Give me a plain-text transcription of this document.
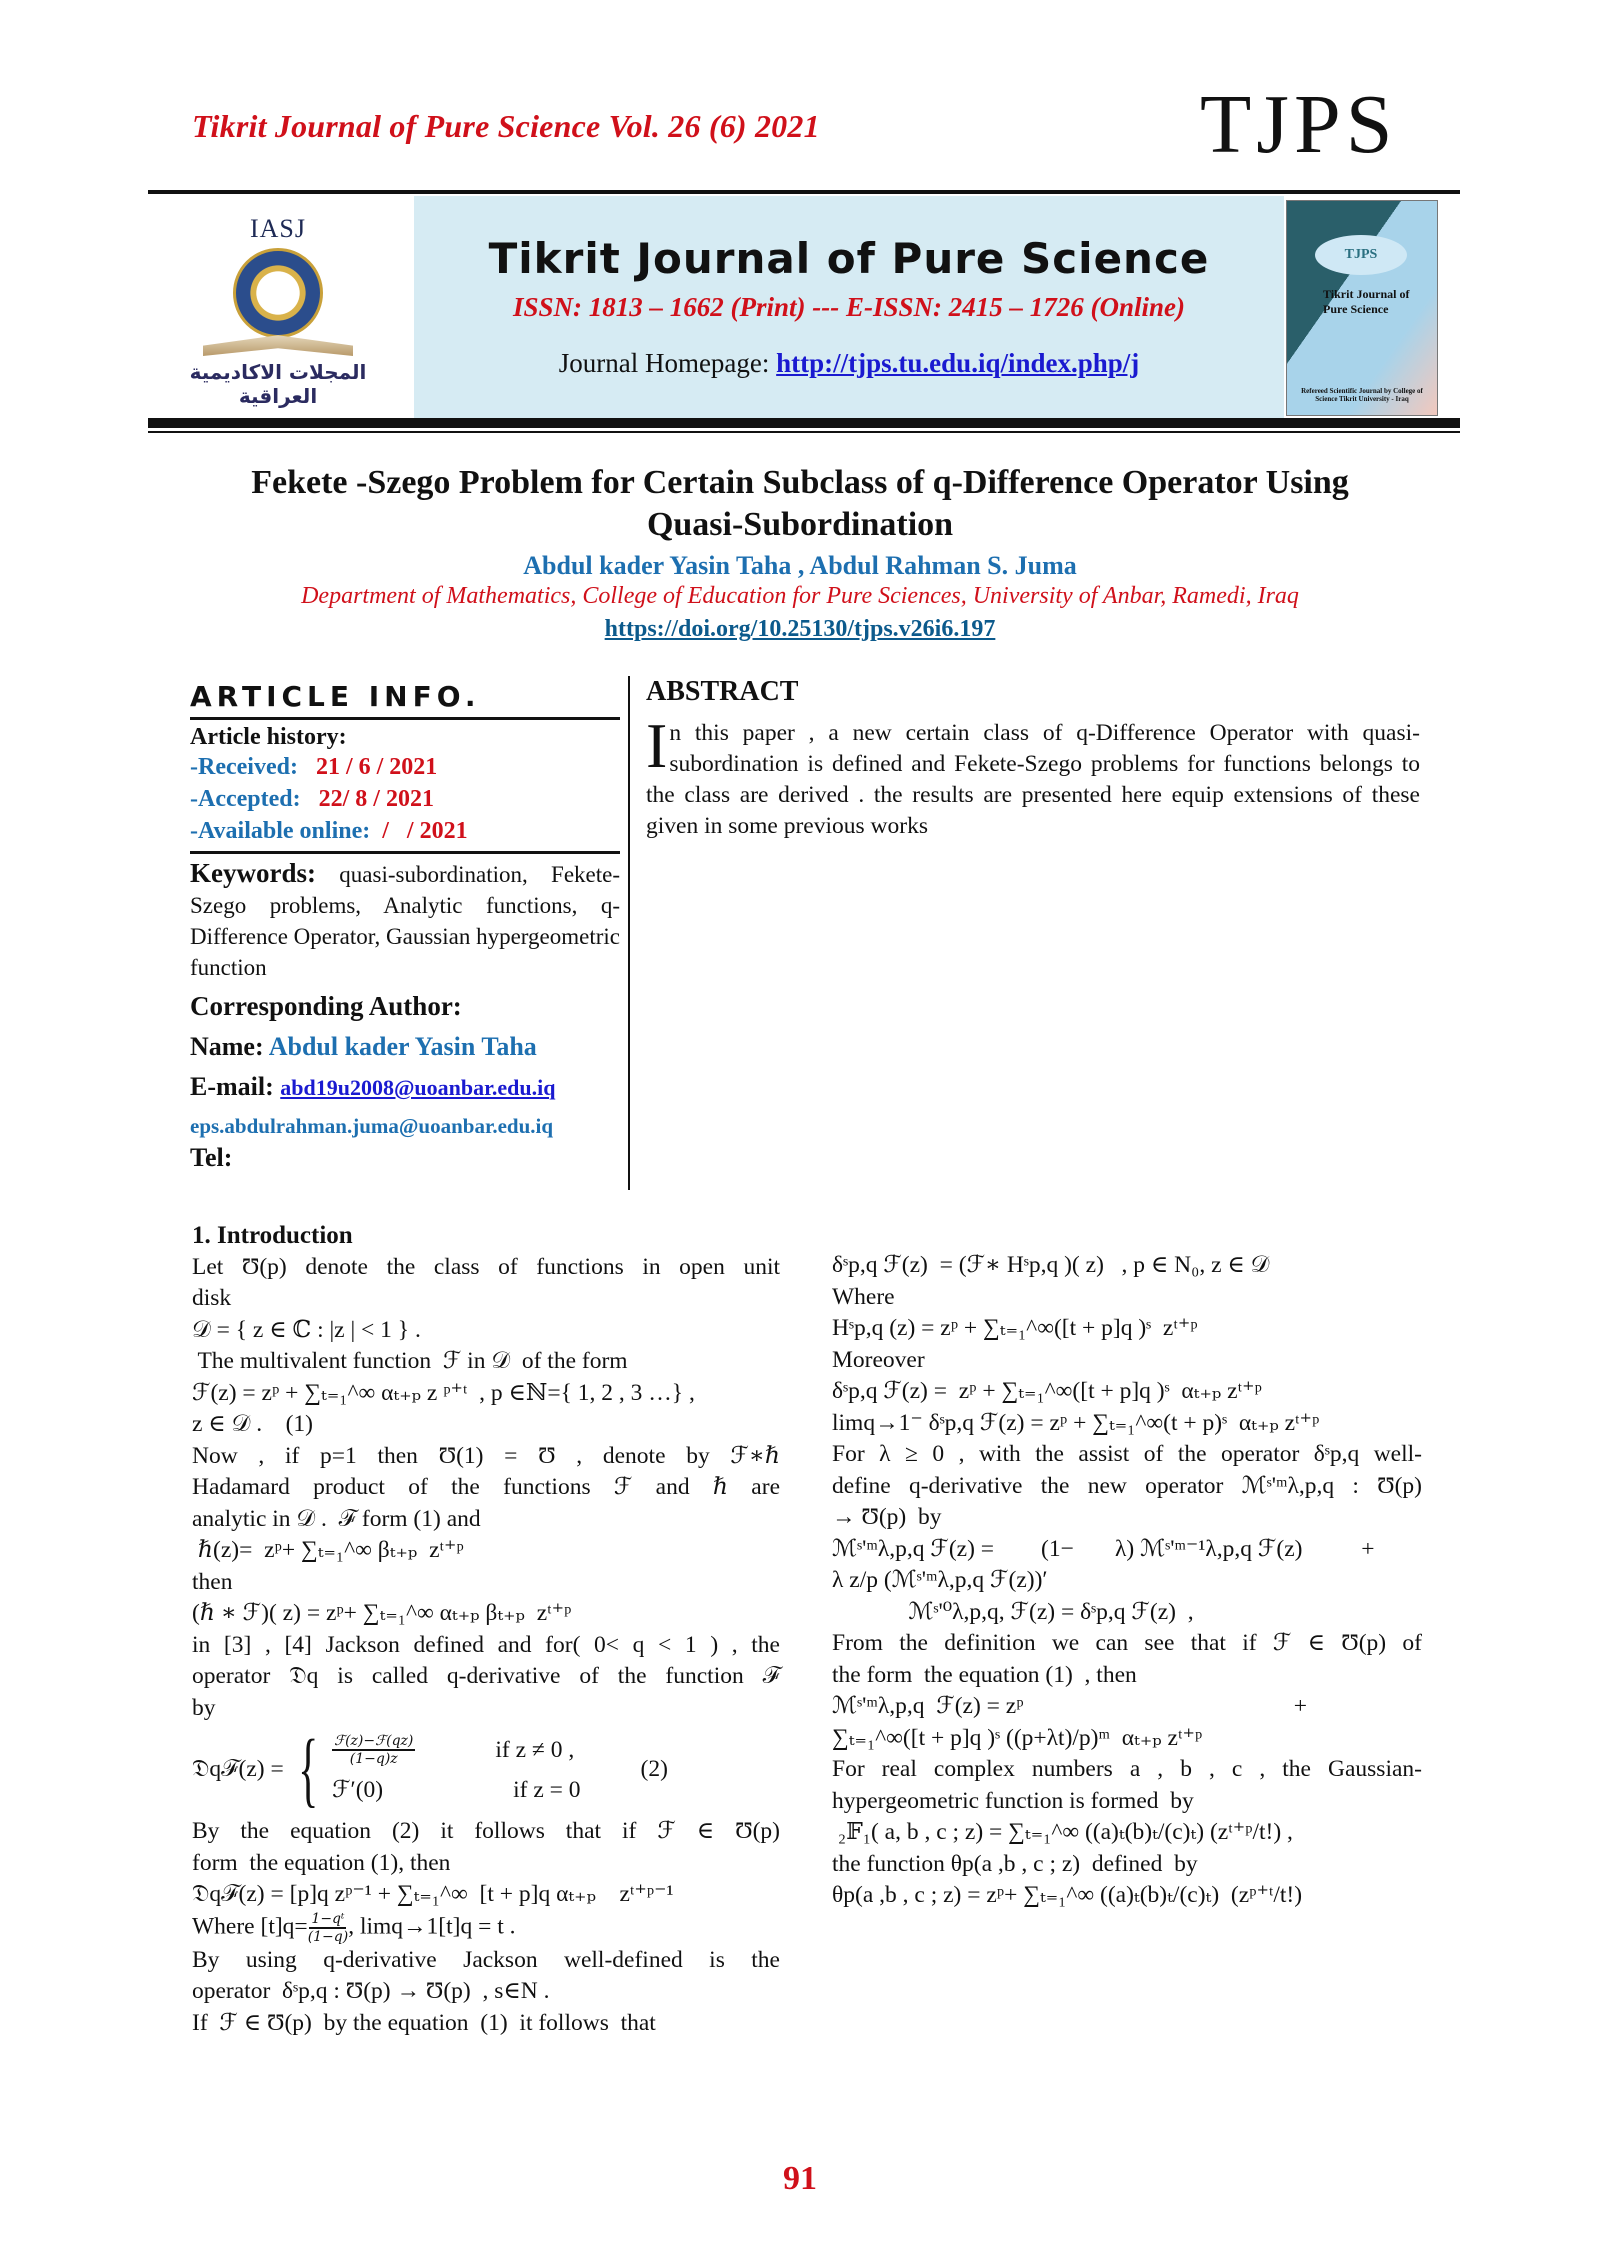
Tikrit Journal of Pure Science Vol. 26 (6) 2021	TJPS
IASJ
المجلات الاكاديمية العراقية
Tikrit Journal of Pure Science
ISSN: 1813 – 1662 (Print) --- E-ISSN: 2415 – 1726 (Online)
Journal Homepage: http://tjps.tu.edu.iq/index.php/j
TJPS
Tikrit Journal of Pure Science
Refereed Scientific Journal by College of Science Tikrit University - Iraq
Fekete -Szego Problem for Certain Subclass of q-Difference Operator Using
Quasi-Subordination
Abdul kader Yasin Taha , Abdul Rahman S. Juma
Department of Mathematics, College of Education for Pure Sciences, University of Anbar, Ramedi, Iraq
https://doi.org/10.25130/tjps.v26i6.197
ARTICLE INFO.
Article history:
-Received: 21 / 6 / 2021
-Accepted: 22/ 8 / 2021
-Available online: /   / 2021
Keywords: quasi-subordination, Fekete-Szego problems, Analytic functions, q-Difference Operator, Gaussian hypergeometric function
Corresponding Author:
Name: Abdul kader Yasin Taha
E-mail: abd19u2008@uoanbar.edu.iq
eps.abdulrahman.juma@uoanbar.edu.iq
Tel:
ABSTRACT
In this paper , a new certain class of q-Difference Operator with quasi-subordination is defined and Fekete-Szego problems for functions belongs to the class are derived . the results are presented here equip extensions of these given in some previous works
1. Introduction

Let Ʊ(p) denote the class of functions in open unit

disk

𝒟 = { z ∈ ℂ : |z | < 1 } .

The multivalent function  ℱ in 𝒟  of the form

ℱ(z) = zᵖ + ∑ₜ₌₁^∞ αₜ₊ₚ z ᵖ⁺ᵗ  , p ∈ℕ={ 1, 2 , 3 …} ,

z ∈ 𝒟 .    (1)

Now , if p=1 then Ʊ(1) = Ʊ , denote by ℱ∗ℏ

Hadamard product of the functions ℱ and ℏ are

analytic in 𝒟 .  ℱ form (1) and

ℏ(z)=  zᵖ+ ∑ₜ₌₁^∞ βₜ₊ₚ  zᵗ⁺ᵖ

then

(ℏ ∗ ℱ)( z) = zᵖ+ ∑ₜ₌₁^∞ αₜ₊ₚ βₜ₊ₚ  zᵗ⁺ᵖ

in [3] , [4] Jackson defined and for( 0< q < 1 ) , the

operator 𝔇q is called q-derivative of the function ℱ

by

𝔇qℱ(z) = { $\frac{\text{ℱ(z)−ℱ(qz)}}{(1-q)z}$	if z ≠ 0 ,
ℱ′(0)	if z = 0
(2)

By the equation (2) it follows that if ℱ ∈ Ʊ(p)

form  the equation (1), then

𝔇qℱ(z) = [p]q zᵖ⁻¹ + ∑ₜ₌₁^∞  [t + p]q αₜ₊ₚ    zᵗ⁺ᵖ⁻¹

Where $[t]q= \frac{\text{1−qᵗ}}{(1-q)}$ , limq→1[t]q = t .

By using q-derivative Jackson well-defined is the

operator  δˢp,q : Ʊ(p) → Ʊ(p)  , s∈N .

If  ℱ ∈ Ʊ(p)  by the equation  (1)  it follows  that

δˢp,q ℱ(z)  = (ℱ∗ Hˢp,q )( z)   , p ∈ N₀, z ∈ 𝒟

Where

Hˢp,q (z) = zᵖ + ∑ₜ₌₁^∞([t + p]q )ˢ  zᵗ⁺ᵖ

Moreover

δˢp,q ℱ(z) =  zᵖ + ∑ₜ₌₁^∞([t + p]q )ˢ  αₜ₊ₚ zᵗ⁺ᵖ

limq→1⁻ δˢp,q ℱ(z) = zᵖ + ∑ₜ₌₁^∞(t + p)ˢ  αₜ₊ₚ zᵗ⁺ᵖ

For λ ≥ 0 , with the assist of the operator δˢp,q well-

define q-derivative the new operator ℳˢ'ᵐλ,p,q : Ʊ(p)

→ Ʊ(p)  by

ℳˢ'ᵐλ,p,q ℱ(z) =        (1−       λ) ℳˢ'ᵐ⁻¹λ,p,q ℱ(z)          +

λ z/p (ℳˢ'ᵐλ,p,q ℱ(z))′

ℳˢ'⁰λ,p,q, ℱ(z) = δˢp,q ℱ(z)  ,

From the definition we can see that if ℱ ∈ Ʊ(p) of

the form  the equation (1)  , then

ℳˢ'ᵐλ,p,q  ℱ(z) = zᵖ                                              +

∑ₜ₌₁^∞([t + p]q )ˢ ((p+λt)/p)ᵐ  αₜ₊ₚ zᵗ⁺ᵖ

For real complex numbers a , b , c , the Gaussian-

hypergeometric function is formed  by

₂𝔽₁( a, b , c ; z) = ∑ₜ₌₁^∞ ((a)ₜ(b)ₜ/(c)ₜ) (zᵗ⁺ᵖ/t!) ,

the function θp(a ,b , c ; z)  defined  by

θp(a ,b , c ; z) = zᵖ+ ∑ₜ₌₁^∞ ((a)ₜ(b)ₜ/(c)ₜ)  (zᵖ⁺ᵗ/t!)

91
